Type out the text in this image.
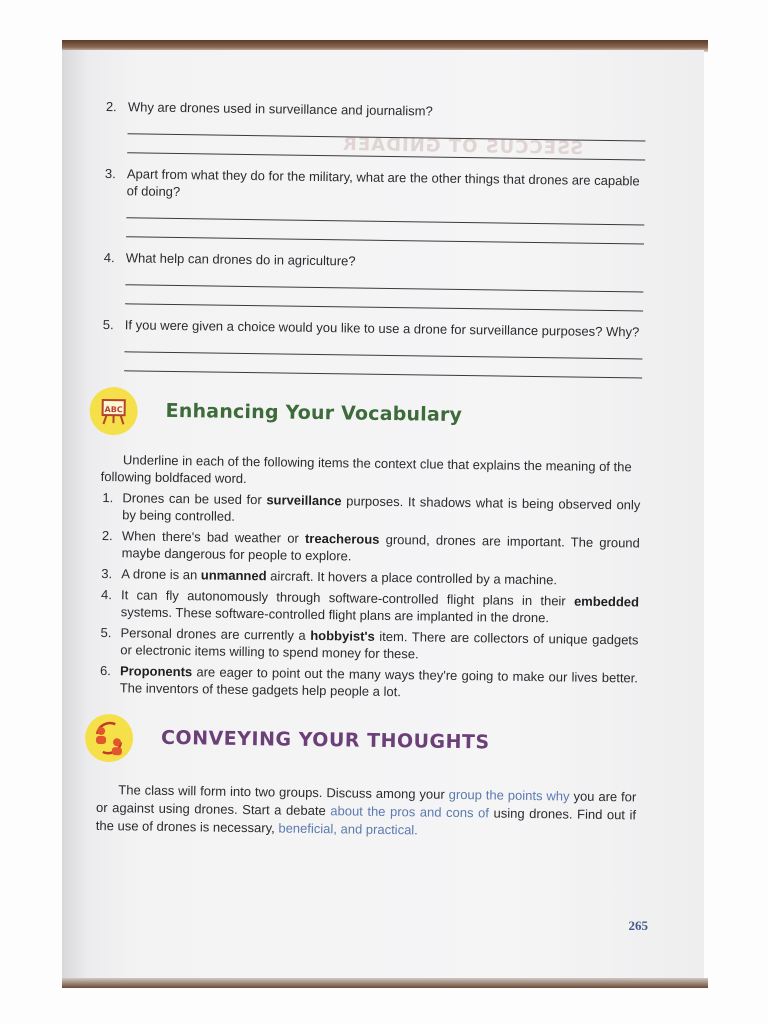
SSECCUS OT GNIDAER
2. Why are drones used in surveillance and journalism?
3. Apart from what they do for the military, what are the other things that drones are capable of doing?
4. What help can drones do in agriculture?
5. If you were given a choice would you like to use a drone for surveillance purposes? Why?
ABC Enhancing Your Vocabulary
Underline in each of the following items the context clue that explains the meaning of the following boldfaced word.
1. Drones can be used for surveillance purposes. It shadows what is being observed only by being controlled.
2. When there's bad weather or treacherous ground, drones are important. The ground maybe dangerous for people to explore.
3. A drone is an unmanned aircraft. It hovers a place controlled by a machine.
4. It can fly autonomously through software-controlled flight plans in their embedded systems. These software-controlled flight plans are implanted in the drone.
5. Personal drones are currently a hobbyist's item. There are collectors of unique gadgets or electronic items willing to spend money for these.
6. Proponents are eager to point out the many ways they're going to make our lives better. The inventors of these gadgets help people a lot.
CONVEYING YOUR THOUGHTS

The class will form into two groups. Discuss among your group the points why you are for or against using drones. Start a debate about the pros and cons of using drones. Find out if the use of drones is necessary, beneficial, and practical.

265
